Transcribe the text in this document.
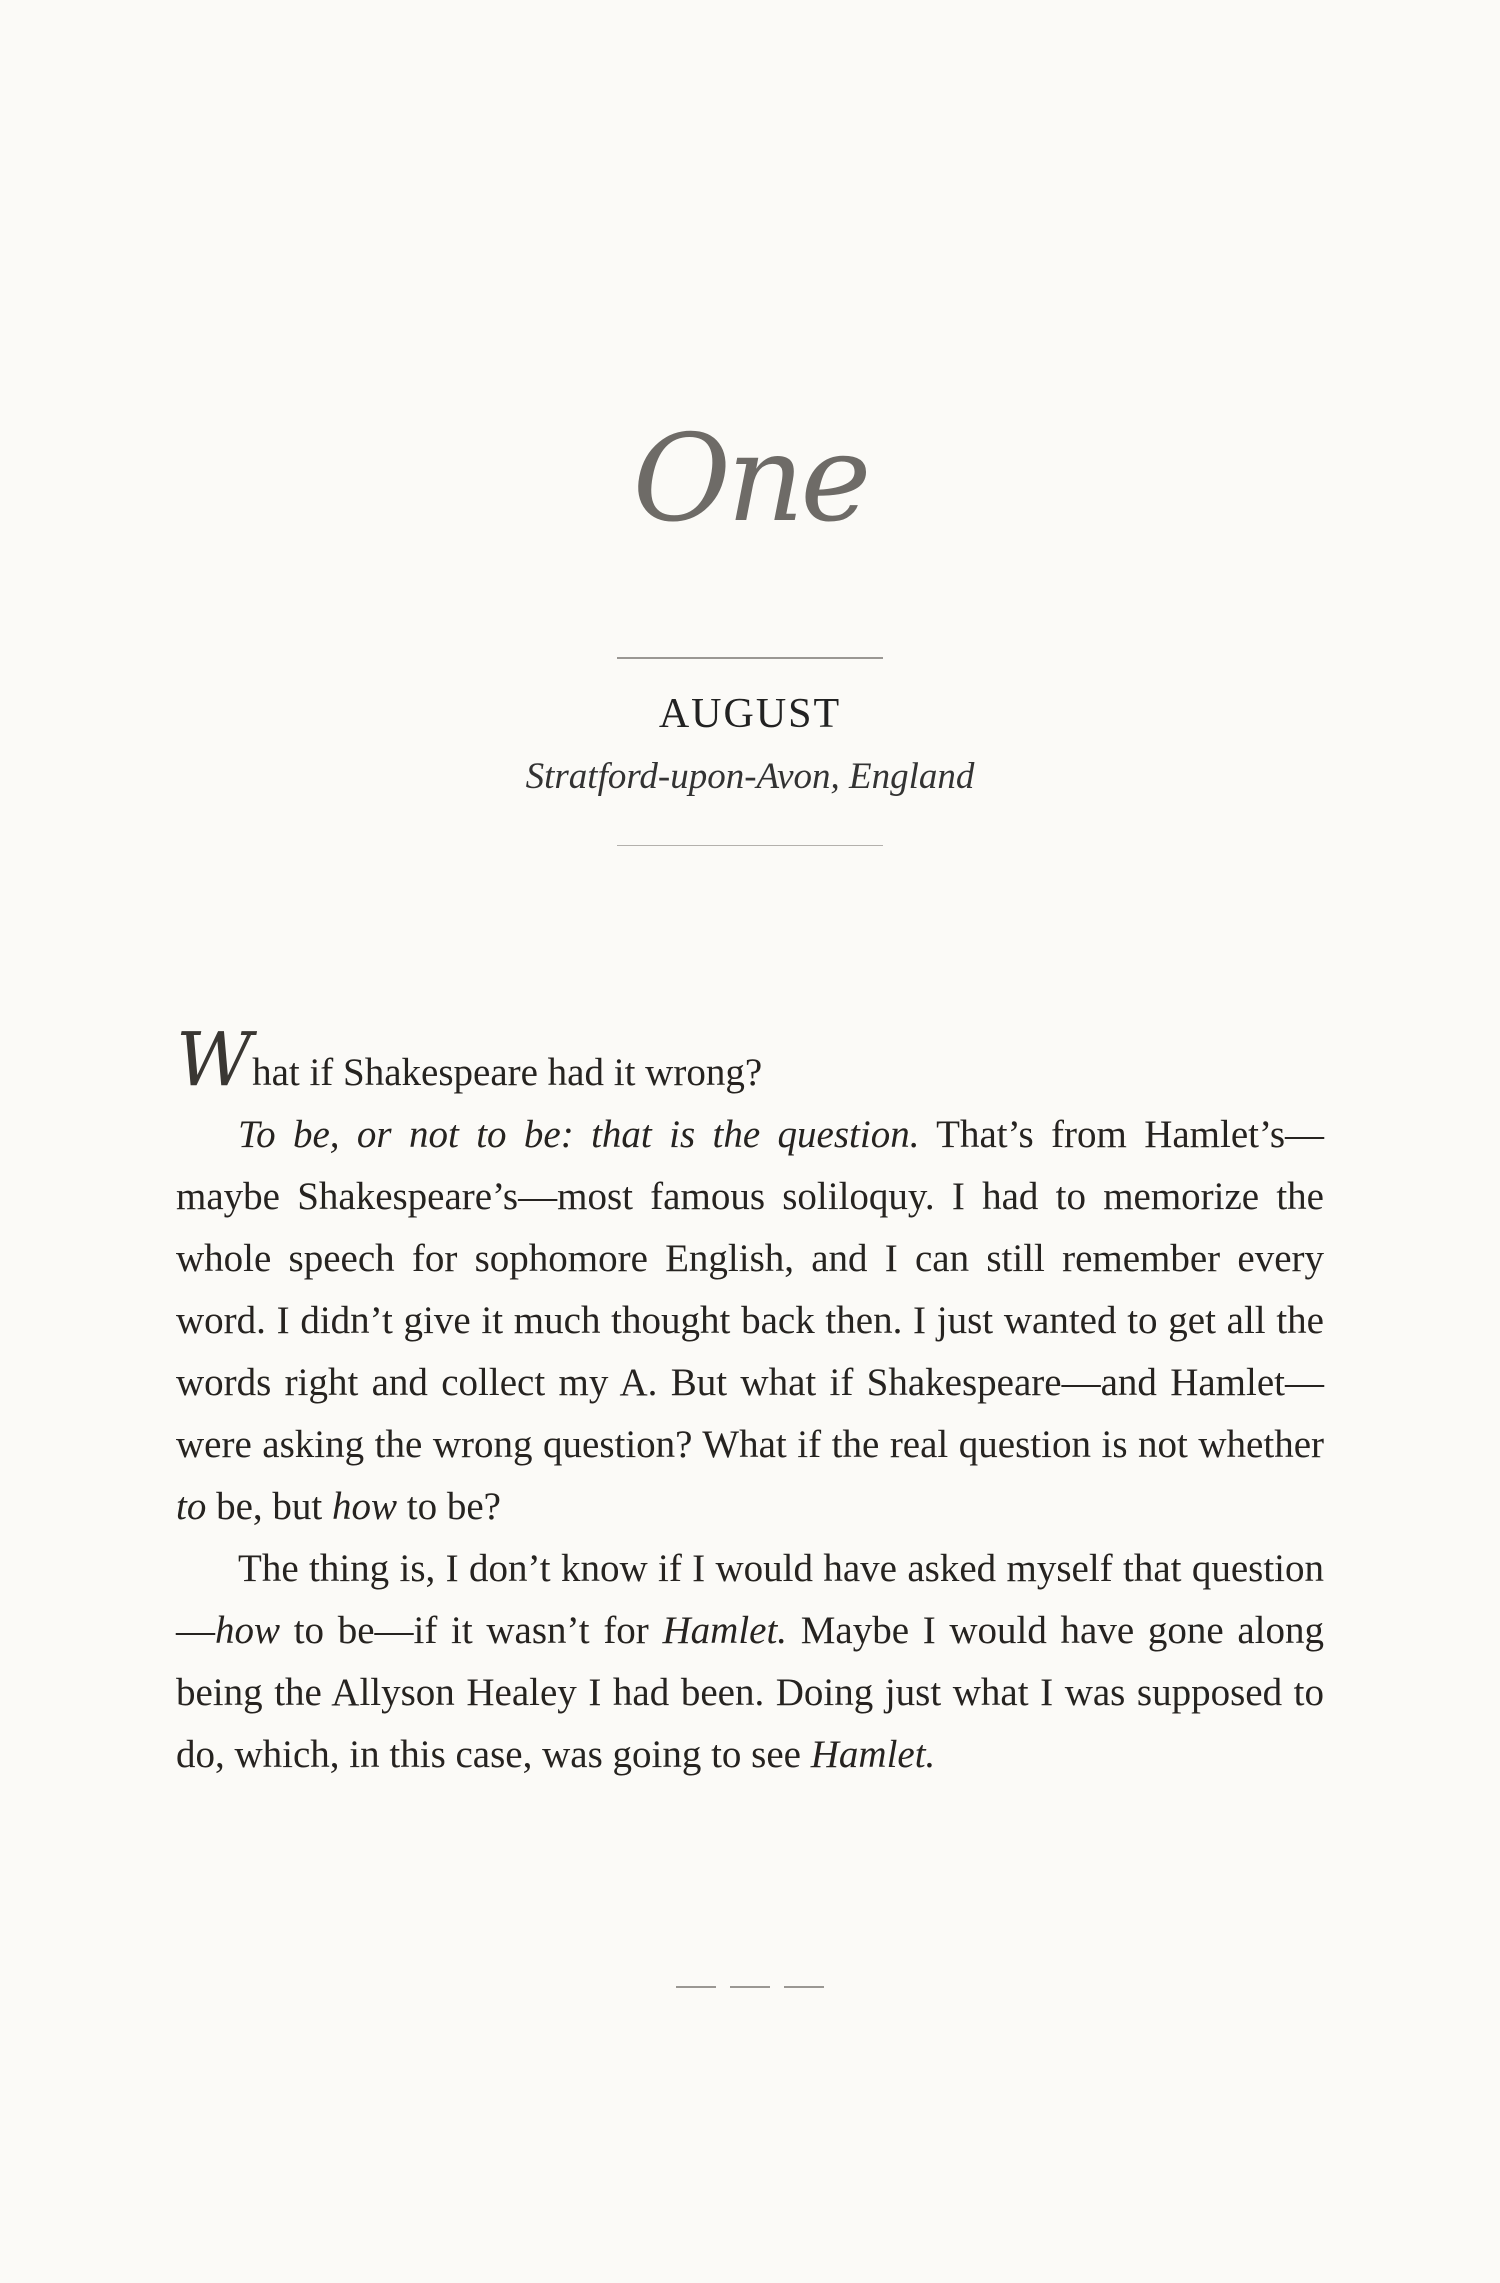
One
AUGUST
Stratford-upon-Avon, England

What if Shakespeare had it wrong?

To be, or not to be: that is the question. That’s from Hamlet’s—maybe Shakespeare’s—most famous soliloquy. I had to memorize the whole speech for sophomore English, and I can still remember every word. I didn’t give it much thought back then. I just wanted to get all the words right and collect my A. But what if Shakespeare—and Hamlet—were asking the wrong question? What if the real question is not whether to be, but how to be?

The thing is, I don’t know if I would have asked myself that question—how to be—if it wasn’t for Hamlet. Maybe I would have gone along being the Allyson Healey I had been. Doing just what I was supposed to do, which, in this case, was going to see Hamlet.
